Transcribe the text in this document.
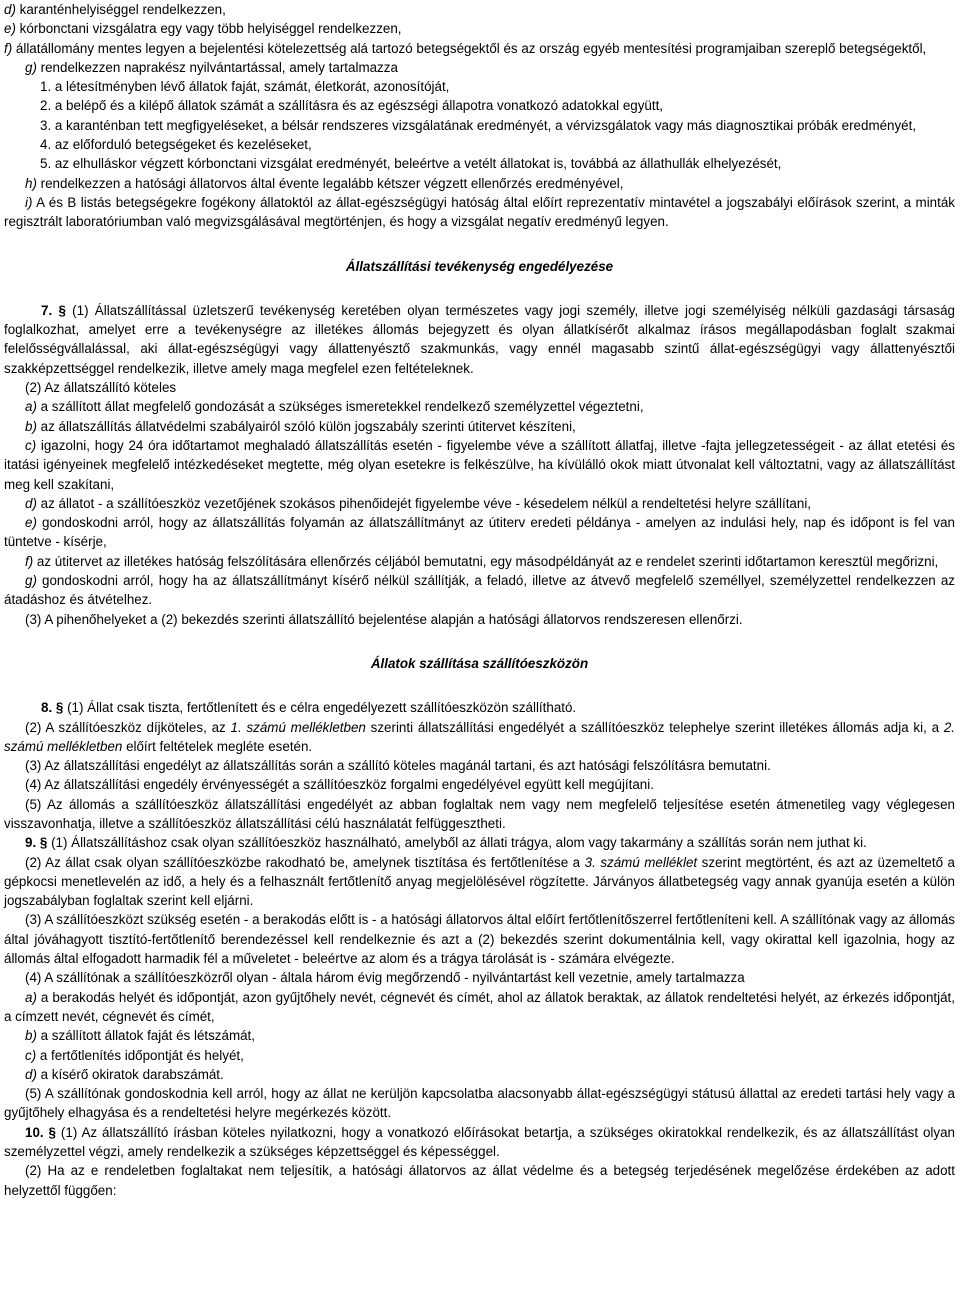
d) karanténhelyiséggel rendelkezzen,

e) kórbonctani vizsgálatra egy vagy több helyiséggel rendelkezzen,

f) állatállomány mentes legyen a bejelentési kötelezettség alá tartozó betegségektől és az ország egyéb mentesítési programjaiban szereplő betegségektől,

g) rendelkezzen naprakész nyilvántartással, amely tartalmazza

1. a létesítményben lévő állatok faját, számát, életkorát, azonosítóját,

2. a belépő és a kilépő állatok számát a szállításra és az egészségi állapotra vonatkozó adatokkal együtt,

3. a karanténban tett megfigyeléseket, a bélsár rendszeres vizsgálatának eredményét, a vérvizsgálatok vagy más diagnosztikai próbák eredményét,

4. az előforduló betegségeket és kezeléseket,

5. az elhulláskor végzett kórbonctani vizsgálat eredményét, beleértve a vetélt állatokat is, továbbá az állathullák elhelyezését,

h) rendelkezzen a hatósági állatorvos által évente legalább kétszer végzett ellenőrzés eredményével,

i) A és B listás betegségekre fogékony állatoktól az állat-egészségügyi hatóság által előírt reprezentatív mintavétel a jogszabályi előírások szerint, a minták regisztrált laboratóriumban való megvizsgálásával megtörténjen, és hogy a vizsgálat negatív eredményű legyen.

Állatszállítási tevékenység engedélyezése

7. § (1) Állatszállítással üzletszerű tevékenység keretében olyan természetes vagy jogi személy, illetve jogi személyiség nélküli gazdasági társaság foglalkozhat, amelyet erre a tevékenységre az illetékes állomás bejegyzett és olyan állatkísérőt alkalmaz írásos megállapodásban foglalt szakmai felelősségvállalással, aki állat-egészségügyi vagy állattenyésztő szakmunkás, vagy ennél magasabb szintű állat-egészségügyi vagy állattenyésztői szakképzettséggel rendelkezik, illetve amely maga megfelel ezen feltételeknek.

(2) Az állatszállító köteles

a) a szállított állat megfelelő gondozását a szükséges ismeretekkel rendelkező személyzettel végeztetni,

b) az állatszállítás állatvédelmi szabályairól szóló külön jogszabály szerinti útitervet készíteni,

c) igazolni, hogy 24 óra időtartamot meghaladó állatszállítás esetén - figyelembe véve a szállított állatfaj, illetve -fajta jellegzetességeit - az állat etetési és itatási igényeinek megfelelő intézkedéseket megtette, még olyan esetekre is felkészülve, ha kívülálló okok miatt útvonalat kell változtatni, vagy az állatszállítást meg kell szakítani,

d) az állatot - a szállítóeszköz vezetőjének szokásos pihenőidejét figyelembe véve - késedelem nélkül a rendeltetési helyre szállítani,

e) gondoskodni arról, hogy az állatszállítás folyamán az állatszállítmányt az útiterv eredeti példánya - amelyen az indulási hely, nap és időpont is fel van tüntetve - kísérje,

f) az útitervet az illetékes hatóság felszólítására ellenőrzés céljából bemutatni, egy másodpéldányát az e rendelet szerinti időtartamon keresztül megőrizni,

g) gondoskodni arról, hogy ha az állatszállítmányt kísérő nélkül szállítják, a feladó, illetve az átvevő megfelelő személlyel, személyzettel rendelkezzen az átadáshoz és átvételhez.

(3) A pihenőhelyeket a (2) bekezdés szerinti állatszállító bejelentése alapján a hatósági állatorvos rendszeresen ellenőrzi.

Állatok szállítása szállítóeszközön

8. § (1) Állat csak tiszta, fertőtlenített és e célra engedélyezett szállítóeszközön szállítható.

(2) A szállítóeszköz díjköteles, az 1. számú mellékletben szerinti állatszállítási engedélyét a szállítóeszköz telephelye szerint illetékes állomás adja ki, a 2. számú mellékletben előírt feltételek megléte esetén.

(3) Az állatszállítási engedélyt az állatszállítás során a szállító köteles magánál tartani, és azt hatósági felszólításra bemutatni.

(4) Az állatszállítási engedély érvényességét a szállítóeszköz forgalmi engedélyével együtt kell megújítani.

(5) Az állomás a szállítóeszköz állatszállítási engedélyét az abban foglaltak nem vagy nem megfelelő teljesítése esetén átmenetileg vagy véglegesen visszavonhatja, illetve a szállítóeszköz állatszállítási célú használatát felfüggesztheti.

9. § (1) Állatszállításhoz csak olyan szállítóeszköz használható, amelyből az állati trágya, alom vagy takarmány a szállítás során nem juthat ki.

(2) Az állat csak olyan szállítóeszközbe rakodható be, amelynek tisztítása és fertőtlenítése a 3. számú melléklet szerint megtörtént, és azt az üzemeltető a gépkocsi menetlevelén az idő, a hely és a felhasznált fertőtlenítő anyag megjelölésével rögzítette. Járványos állatbetegség vagy annak gyanúja esetén a külön jogszabályban foglaltak szerint kell eljárni.

(3) A szállítóeszközt szükség esetén - a berakodás előtt is - a hatósági állatorvos által előírt fertőtlenítőszerrel fertőtleníteni kell. A szállítónak vagy az állomás által jóváhagyott tisztító-fertőtlenítő berendezéssel kell rendelkeznie és azt a (2) bekezdés szerint dokumentálnia kell, vagy okirattal kell igazolnia, hogy az állomás által elfogadott harmadik fél a műveletet - beleértve az alom és a trágya tárolását is - számára elvégezte.

(4) A szállítónak a szállítóeszközről olyan - általa három évig megőrzendő - nyilvántartást kell vezetnie, amely tartalmazza

a) a berakodás helyét és időpontját, azon gyűjtőhely nevét, cégnevét és címét, ahol az állatok beraktak, az állatok rendeltetési helyét, az érkezés időpontját, a címzett nevét, cégnevét és címét,

b) a szállított állatok faját és létszámát,

c) a fertőtlenítés időpontját és helyét,

d) a kísérő okiratok darabszámát.

(5) A szállítónak gondoskodnia kell arról, hogy az állat ne kerüljön kapcsolatba alacsonyabb állat-egészségügyi státusú állattal az eredeti tartási hely vagy a gyűjtőhely elhagyása és a rendeltetési helyre megérkezés között.

10. § (1) Az állatszállító írásban köteles nyilatkozni, hogy a vonatkozó előírásokat betartja, a szükséges okiratokkal rendelkezik, és az állatszállítást olyan személyzettel végzi, amely rendelkezik a szükséges képzettséggel és képességgel.

(2) Ha az e rendeletben foglaltakat nem teljesítik, a hatósági állatorvos az állat védelme és a betegség terjedésének megelőzése érdekében az adott helyzettől függően:
